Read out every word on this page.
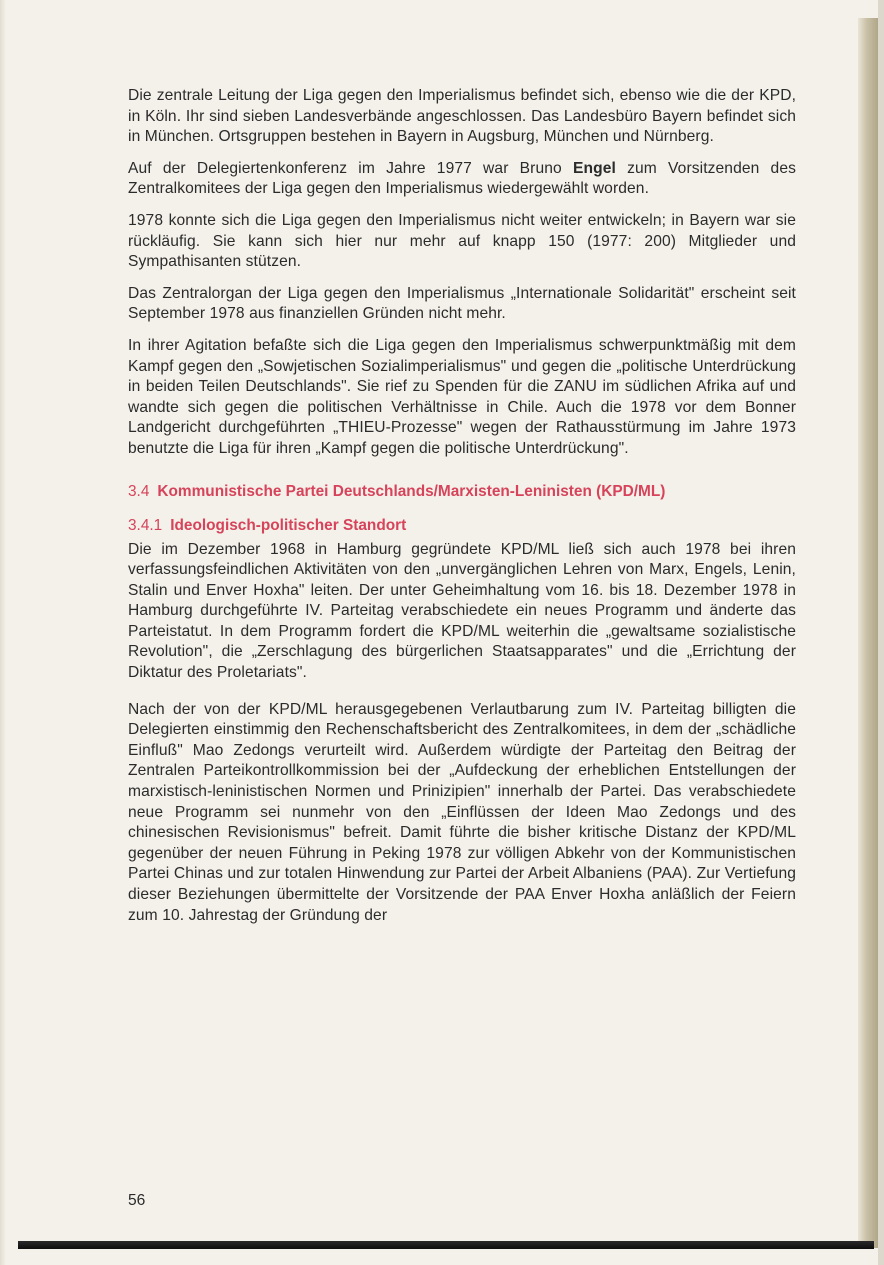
Die zentrale Leitung der Liga gegen den Imperialismus befindet sich, ebenso wie die der KPD, in Köln. Ihr sind sieben Landesverbände angeschlossen. Das Landesbüro Bayern befindet sich in München. Ortsgruppen bestehen in Bayern in Augsburg, München und Nürnberg.

Auf der Delegiertenkonferenz im Jahre 1977 war Bruno Engel zum Vorsitzenden des Zentralkomitees der Liga gegen den Imperialismus wiedergewählt worden.

1978 konnte sich die Liga gegen den Imperialismus nicht weiter entwickeln; in Bayern war sie rückläufig. Sie kann sich hier nur mehr auf knapp 150 (1977: 200) Mitglieder und Sympathisanten stützen.

Das Zentralorgan der Liga gegen den Imperialismus „Internationale Solidarität" erscheint seit September 1978 aus finanziellen Gründen nicht mehr.

In ihrer Agitation befaßte sich die Liga gegen den Imperialismus schwerpunktmäßig mit dem Kampf gegen den „Sowjetischen Sozialimperialismus" und gegen die „politische Unterdrückung in beiden Teilen Deutschlands". Sie rief zu Spenden für die ZANU im südlichen Afrika auf und wandte sich gegen die politischen Verhältnisse in Chile. Auch die 1978 vor dem Bonner Landgericht durchgeführten „THIEU-Prozesse" wegen der Rathausstürmung im Jahre 1973 benutzte die Liga für ihren „Kampf gegen die politische Unterdrückung".

3.4 Kommunistische Partei Deutschlands/Marxisten-Leninisten (KPD/ML)
3.4.1 Ideologisch-politischer Standort

Die im Dezember 1968 in Hamburg gegründete KPD/ML ließ sich auch 1978 bei ihren verfassungsfeindlichen Aktivitäten von den „unvergänglichen Lehren von Marx, Engels, Lenin, Stalin und Enver Hoxha" leiten. Der unter Geheimhaltung vom 16. bis 18. Dezember 1978 in Hamburg durchgeführte IV. Parteitag verabschiedete ein neues Programm und änderte das Parteistatut. In dem Programm fordert die KPD/ML weiterhin die „gewaltsame sozialistische Revolution", die „Zerschlagung des bürgerlichen Staatsapparates" und die „Errichtung der Diktatur des Proletariats".

Nach der von der KPD/ML herausgegebenen Verlautbarung zum IV. Parteitag billigten die Delegierten einstimmig den Rechenschaftsbericht des Zentralkomitees, in dem der „schädliche Einfluß" Mao Zedongs verurteilt wird. Außerdem würdigte der Parteitag den Beitrag der Zentralen Parteikontrollkommission bei der „Aufdeckung der erheblichen Entstellungen der marxistisch-leninistischen Normen und Prinizipien" innerhalb der Partei. Das verabschiedete neue Programm sei nunmehr von den „Einflüssen der Ideen Mao Zedongs und des chinesischen Revisionismus" befreit. Damit führte die bisher kritische Distanz der KPD/ML gegenüber der neuen Führung in Peking 1978 zur völligen Abkehr von der Kommunistischen Partei Chinas und zur totalen Hinwendung zur Partei der Arbeit Albaniens (PAA). Zur Vertiefung dieser Beziehungen übermittelte der Vorsitzende der PAA Enver Hoxha anläßlich der Feiern zum 10. Jahrestag der Gründung der

56
